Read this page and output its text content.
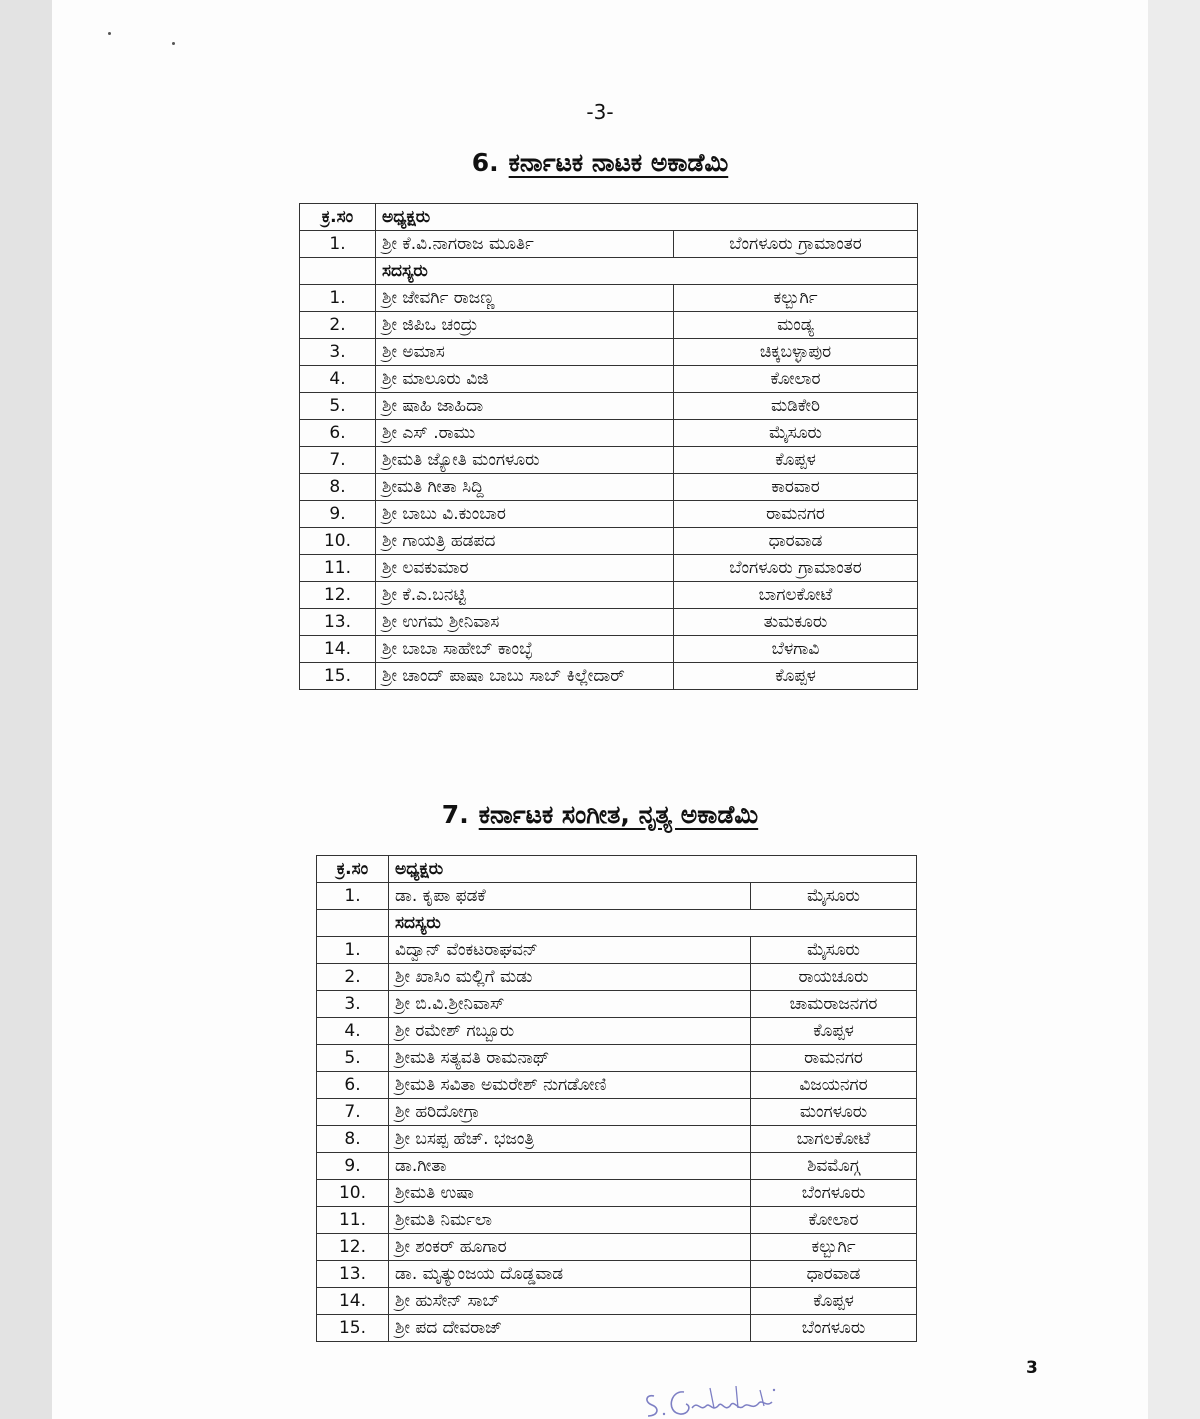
-3-
6. ಕರ್ನಾಟಕ ನಾಟಕ ಅಕಾಡೆಮಿ
ಕ್ರ.ಸಂ	ಅಧ್ಯಕ್ಷರು	
1.	ಶ್ರೀ ಕೆ.ವಿ.ನಾಗರಾಜ ಮೂರ್ತಿ	ಬೆಂಗಳೂರು ಗ್ರಾಮಾಂತರ
	ಸದಸ್ಯರು	
1.	ಶ್ರೀ ಜೇವರ್ಗಿ ರಾಜಣ್ಣ	ಕಲ್ಬುರ್ಗಿ
2.	ಶ್ರೀ ಜಿಪಿಒ ಚಂದ್ರು	ಮಂಡ್ಯ
3.	ಶ್ರೀ ಅಮಾಸ	ಚಿಕ್ಕಬಳ್ಳಾಪುರ
4.	ಶ್ರೀ ಮಾಲೂರು ವಿಜಿ	ಕೋಲಾರ
5.	ಶ್ರೀ ಷಾಹಿ ಜಾಹಿದಾ	ಮಡಿಕೇರಿ
6.	ಶ್ರೀ ಎಸ್ .ರಾಮು	ಮೈಸೂರು
7.	ಶ್ರೀಮತಿ ಜ್ಯೋತಿ ಮಂಗಳೂರು	ಕೊಪ್ಪಳ
8.	ಶ್ರೀಮತಿ ಗೀತಾ ಸಿದ್ದಿ	ಕಾರವಾರ
9.	ಶ್ರೀ ಬಾಬು ವಿ.ಕುಂಬಾರ	ರಾಮನಗರ
10.	ಶ್ರೀ ಗಾಯತ್ರಿ ಹಡಪದ	ಧಾರವಾಡ
11.	ಶ್ರೀ ಲವಕುಮಾರ	ಬೆಂಗಳೂರು ಗ್ರಾಮಾಂತರ
12.	ಶ್ರೀ ಕೆ.ಎ.ಬನಟ್ಟಿ	ಬಾಗಲಕೋಟೆ
13.	ಶ್ರೀ ಉಗಮ ಶ್ರೀನಿವಾಸ	ತುಮಕೂರು
14.	ಶ್ರೀ ಬಾಬಾ ಸಾಹೇಬ್ ಕಾಂಬ್ಳೆ	ಬೆಳಗಾವಿ
15.	ಶ್ರೀ ಚಾಂದ್ ಪಾಷಾ ಬಾಬು ಸಾಬ್ ಕಿಲ್ಲೇದಾರ್	ಕೊಪ್ಪಳ
7. ಕರ್ನಾಟಕ ಸಂಗೀತ, ನೃತ್ಯ ಅಕಾಡೆಮಿ
ಕ್ರ.ಸಂ	ಅಧ್ಯಕ್ಷರು	
1.	ಡಾ. ಕೃಪಾ ಫಡಕೆ	ಮೈಸೂರು
	ಸದಸ್ಯರು	
1.	ವಿದ್ವಾನ್ ವೆಂಕಟರಾಘವನ್	ಮೈಸೂರು
2.	ಶ್ರೀ ಖಾಸಿಂ ಮಲ್ಲಿಗೆ ಮಡು	ರಾಯಚೂರು
3.	ಶ್ರೀ ಬಿ.ವಿ.ಶ್ರೀನಿವಾಸ್	ಚಾಮರಾಜನಗರ
4.	ಶ್ರೀ ರಮೇಶ್ ಗಬ್ಬೂರು	ಕೊಪ್ಪಳ
5.	ಶ್ರೀಮತಿ ಸತ್ಯವತಿ ರಾಮನಾಥ್	ರಾಮನಗರ
6.	ಶ್ರೀಮತಿ ಸವಿತಾ ಅಮರೇಶ್ ನುಗಡೋಣಿ	ವಿಜಯನಗರ
7.	ಶ್ರೀ ಹರಿದೋಗ್ರಾ	ಮಂಗಳೂರು
8.	ಶ್ರೀ ಬಸಪ್ಪ ಹೆಚ್. ಭಜಂತ್ರಿ	ಬಾಗಲಕೋಟೆ
9.	ಡಾ.ಗೀತಾ	ಶಿವಮೊಗ್ಗ
10.	ಶ್ರೀಮತಿ ಉಷಾ	ಬೆಂಗಳೂರು
11.	ಶ್ರೀಮತಿ ನಿರ್ಮಲಾ	ಕೋಲಾರ
12.	ಶ್ರೀ ಶಂಕರ್ ಹೂಗಾರ	ಕಲ್ಬುರ್ಗಿ
13.	ಡಾ. ಮೃತ್ಯುಂಜಯ ದೊಡ್ಡವಾಡ	ಧಾರವಾಡ
14.	ಶ್ರೀ ಹುಸೇನ್ ಸಾಬ್	ಕೊಪ್ಪಳ
15.	ಶ್ರೀ ಪದ ದೇವರಾಜ್	ಬೆಂಗಳೂರು
3
